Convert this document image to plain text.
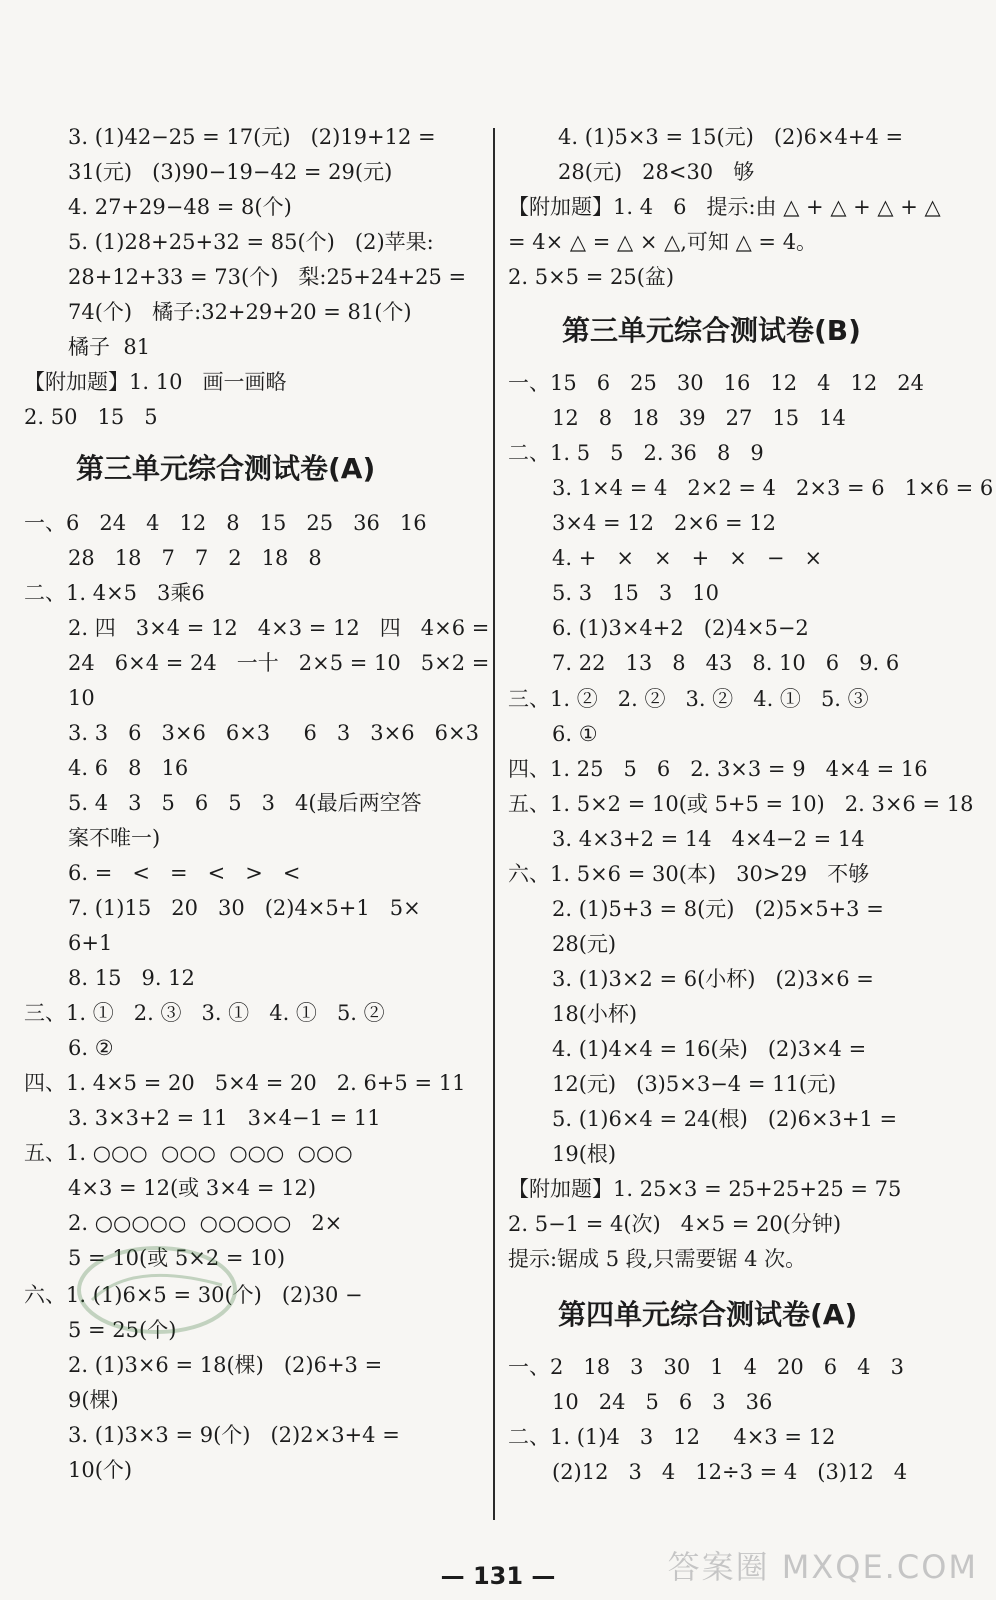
3. (1)42−25 = 17(元)   (2)19+12 =
31(元)   (3)90−19−42 = 29(元)
4. 27+29−48 = 8(个)
5. (1)28+25+32 = 85(个)   (2)苹果:
28+12+33 = 73(个)   梨:25+24+25 =
74(个)   橘子:32+29+20 = 81(个)
橘子  81
【附加题】1. 10   画一画略
2. 50   15   5
第三单元综合测试卷(A)
一、6   24   4   12   8   15   25   36   16
28   18   7   7   2   18   8
二、1. 4×5   3乘6
2. 四   3×4 = 12   4×3 = 12   四   4×6 =
24   6×4 = 24   一十   2×5 = 10   5×2 =
10
3. 3   6   3×6   6×3     6   3   3×6   6×3
4. 6   8   16
5. 4   3   5   6   5   3   4(最后两空答
案不唯一)
6. =   <   =   <   >   <
7. (1)15   20   30   (2)4×5+1   5×
6+1
8. 15   9. 12
三、1. ①   2. ③   3. ①   4. ①   5. ②
6. ②
四、1. 4×5 = 20   5×4 = 20   2. 6+5 = 11
3. 3×3+2 = 11   3×4−1 = 11
五、1. ○○○  ○○○  ○○○  ○○○
4×3 = 12(或 3×4 = 12)
2. ○○○○○  ○○○○○   2×
5 = 10(或 5×2 = 10)
六、1. (1)6×5 = 30(个)   (2)30 −
5 = 25(个)
2. (1)3×6 = 18(棵)   (2)6+3 =
9(棵)
3. (1)3×3 = 9(个)   (2)2×3+4 =
10(个)
4. (1)5×3 = 15(元)   (2)6×4+4 =
28(元)   28<30   够
【附加题】1. 4   6   提示:由 △ + △ + △ + △
= 4× △ = △ × △,可知 △ = 4。
2. 5×5 = 25(盆)
第三单元综合测试卷(B)
一、15   6   25   30   16   12   4   12   24
12   8   18   39   27   15   14
二、1. 5   5   2. 36   8   9
3. 1×4 = 4   2×2 = 4   2×3 = 6   1×6 = 6
3×4 = 12   2×6 = 12
4. +   ×   ×   +   ×   −   ×
5. 3   15   3   10
6. (1)3×4+2   (2)4×5−2
7. 22   13   8   43   8. 10   6   9. 6
三、1. ②   2. ②   3. ②   4. ①   5. ③
6. ①
四、1. 25   5   6   2. 3×3 = 9   4×4 = 16
五、1. 5×2 = 10(或 5+5 = 10)   2. 3×6 = 18
3. 4×3+2 = 14   4×4−2 = 14
六、1. 5×6 = 30(本)   30>29   不够
2. (1)5+3 = 8(元)   (2)5×5+3 =
28(元)
3. (1)3×2 = 6(小杯)   (2)3×6 =
18(小杯)
4. (1)4×4 = 16(朵)   (2)3×4 =
12(元)   (3)5×3−4 = 11(元)
5. (1)6×4 = 24(根)   (2)6×3+1 =
19(根)
【附加题】1. 25×3 = 25+25+25 = 75
2. 5−1 = 4(次)   4×5 = 20(分钟)
提示:锯成 5 段,只需要锯 4 次。
第四单元综合测试卷(A)
一、2   18   3   30   1   4   20   6   4   3
10   24   5   6   3   36
二、1. (1)4   3   12     4×3 = 12
(2)12   3   4   12÷3 = 4   (3)12   4
— 131 —	答案圈 MXQE.COM
